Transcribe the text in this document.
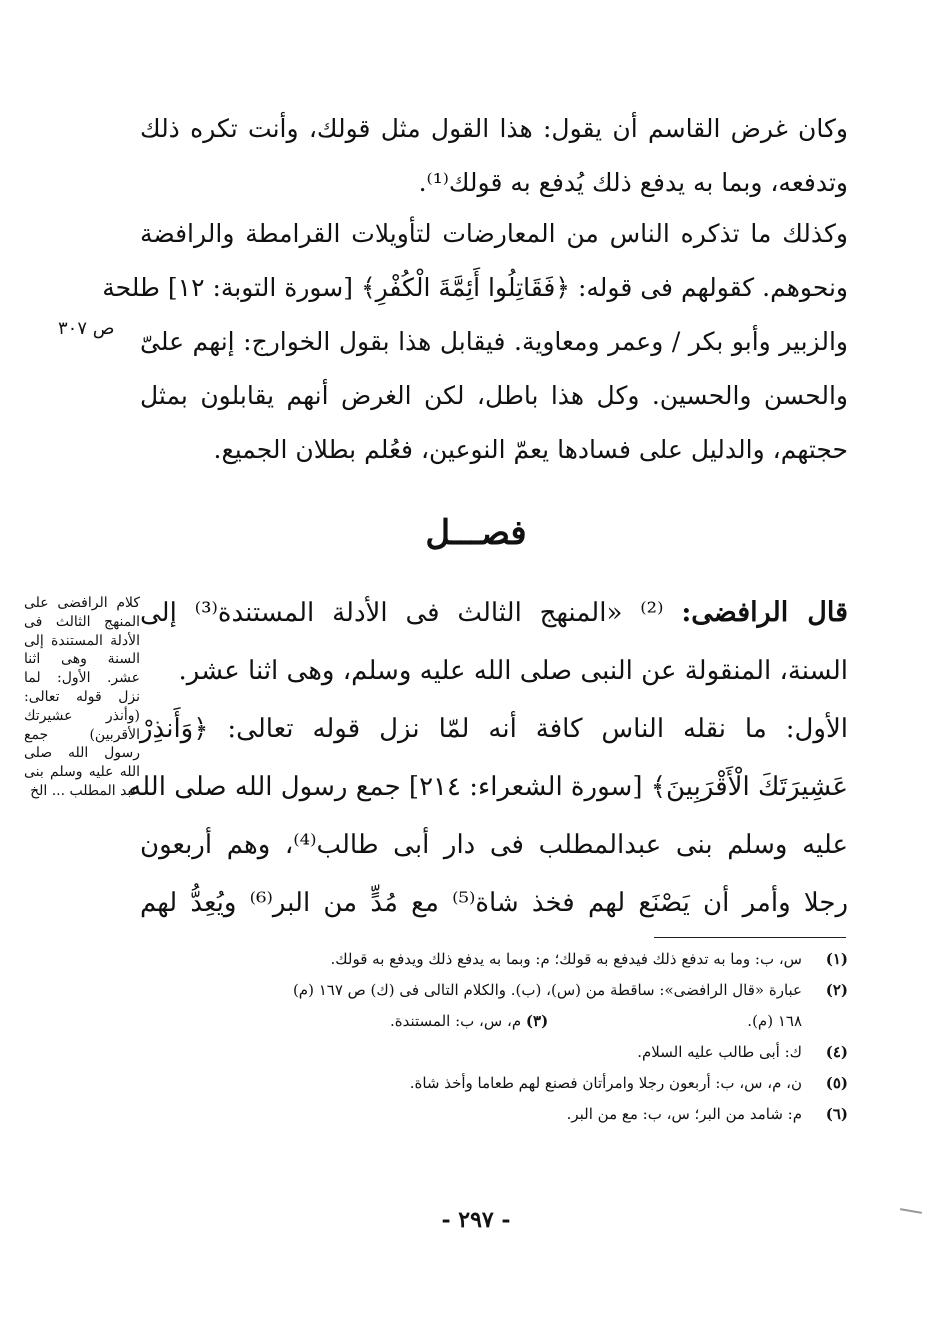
وكان غرض القاسم أن يقول: هذا القول مثل قولك، وأنت تكره ذلك
وتدفعه، وبما به يدفع ذلك يُدفع به قولك⁽¹⁾.
وكذلك ما تذكره الناس من المعارضات لتأويلات القرامطة والرافضة
ونحوهم. كقولهم فى قوله: ﴿فَقَاتِلُوا أَئِمَّةَ الْكُفْرِ﴾ [سورة التوبة: ١٢] طلحة
والزبير وأبو بكر / وعمر ومعاوية. فيقابل هذا بقول الخوارج: إنهم علىّ
والحسن والحسين. وكل هذا باطل، لكن الغرض أنهم يقابلون بمثل
حجتهم، والدليل على فسادها يعمّ النوعين، فعُلم بطلان الجميع.
ص ٣٠٧
فصـــل
كلام الرافضى على المنهج الثالث فى الأدلة المستندة إلى السنة وهى اثنا عشر. الأول: لما نزل قوله تعالى: (وأنذر عشيرتك الأقربين) جمع رسول الله صلى الله عليه وسلم بنى عبد المطلب ... الخ
قال الرافضى: ⁽²⁾ «المنهج الثالث فى الأدلة المستندة⁽³⁾ إلى
السنة، المنقولة عن النبى صلى الله عليه وسلم، وهى اثنا عشر.
الأول: ما نقله الناس كافة أنه لمّا نزل قوله تعالى: ﴿وَأَنذِرْ
عَشِيرَتَكَ الْأَقْرَبِينَ﴾ [سورة الشعراء: ٢١٤] جمع رسول الله صلى الله
عليه وسلم بنى عبدالمطلب فى دار أبى طالب⁽⁴⁾، وهم أربعون
رجلا وأمر أن يَصْنَع لهم فخذ شاة⁽⁵⁾ مع مُدٍّ من البر⁽⁶⁾ ويُعِدُّ لهم
(١)
س، ب: وما به تدفع ذلك فيدفع به قولك؛ م: وبما به يدفع ذلك ويدفع به قولك.
(٢)
عبارة «قال الرافضى»: ساقطة من (س)، (ب). والكلام التالى فى (ك) ص ١٦٧ (م)
١٦٨ (م).
(٣) م، س، ب: المستندة.
(٤)
ك: أبى طالب عليه السلام.
(٥)
ن، م، س، ب: أربعون رجلا وامرأتان فصنع لهم طعاما وأخذ شاة.
(٦)
م: شامد من البر؛ س، ب: مع من البر.
- ٢٩٧ -
